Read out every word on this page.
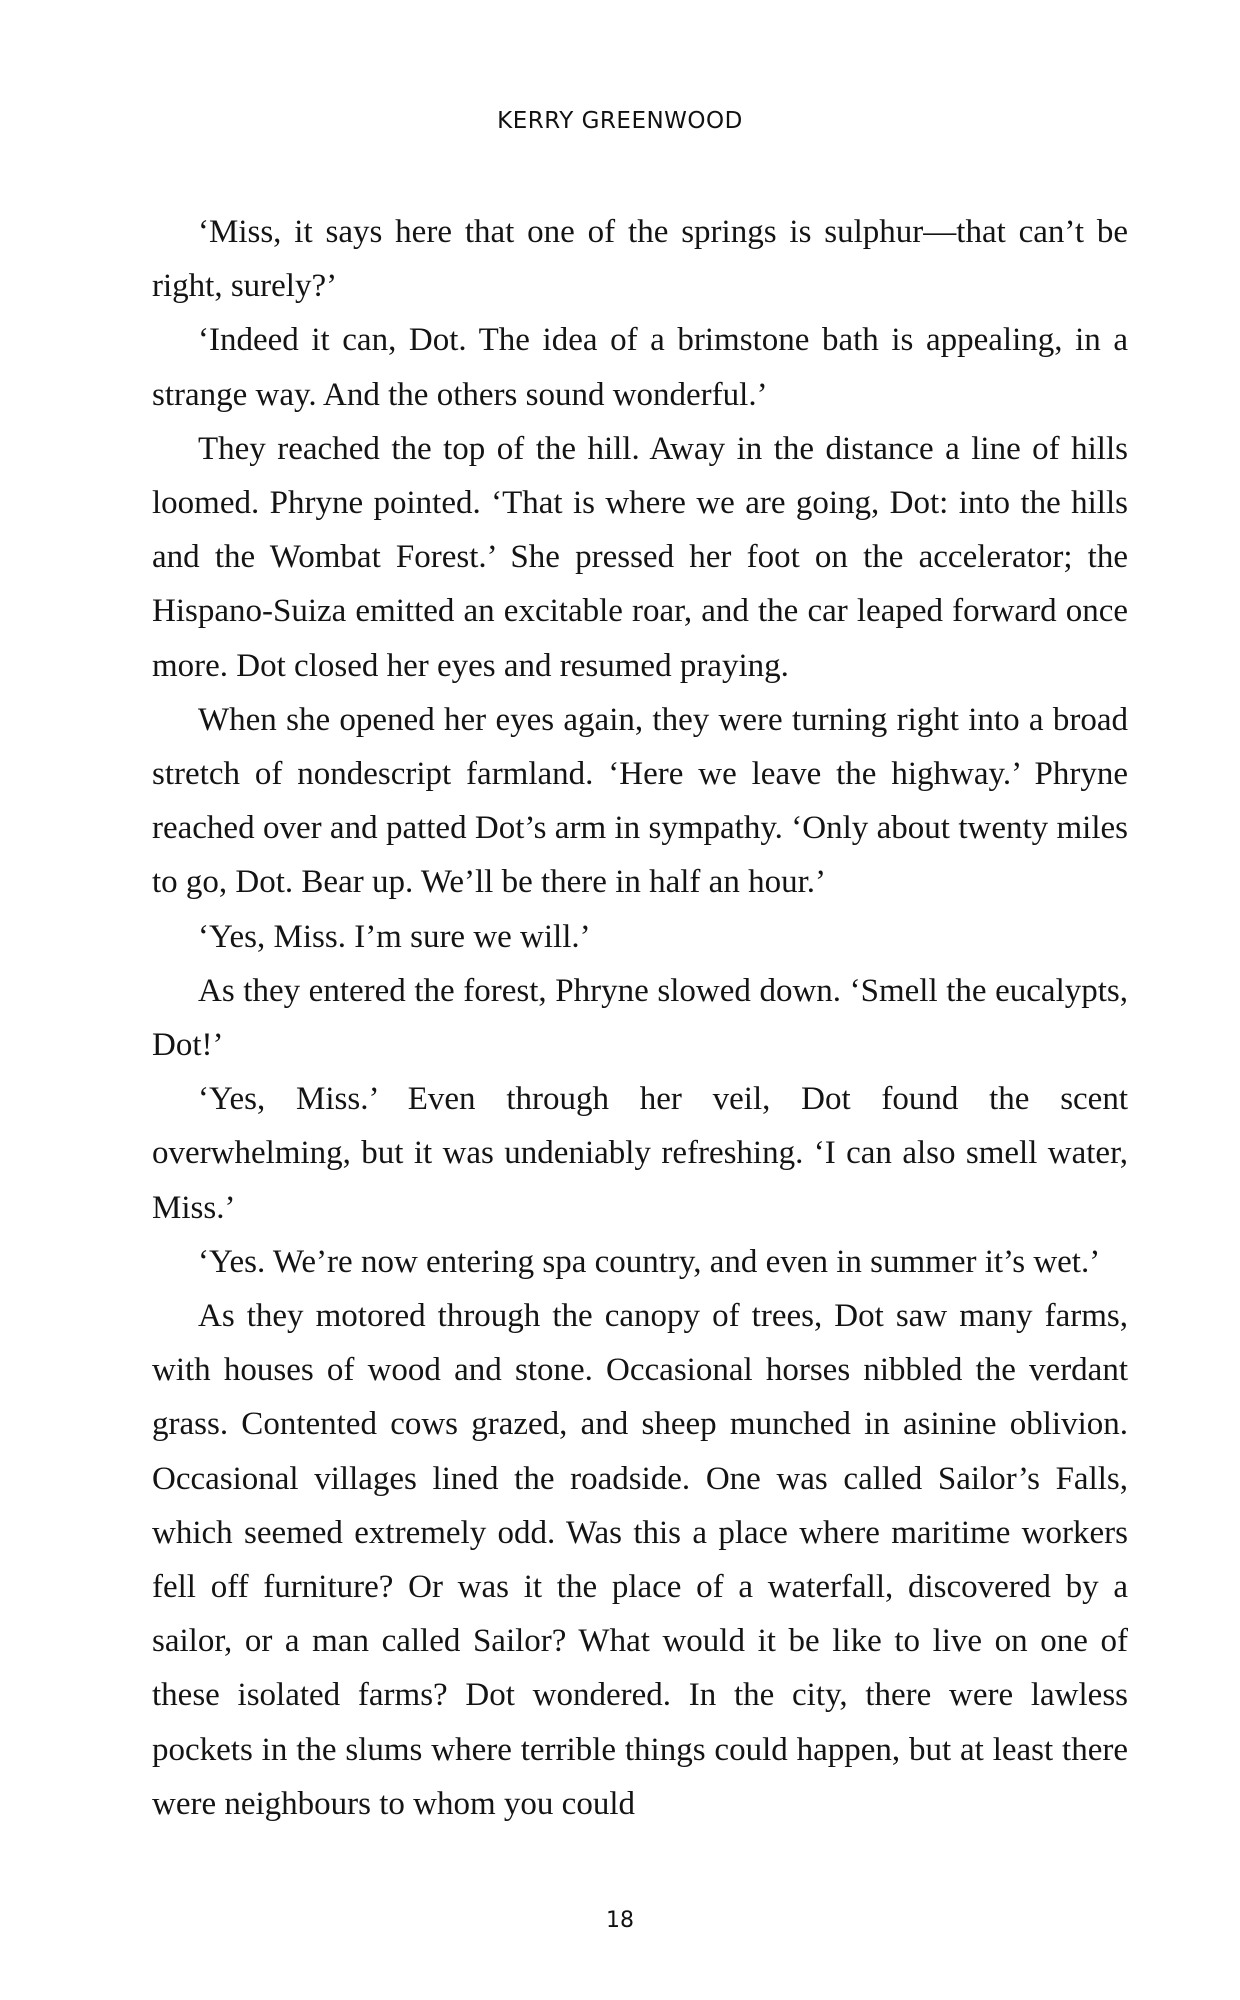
KERRY GREENWOOD

‘Miss, it says here that one of the springs is sulphur—that can’t be right, surely?’

‘Indeed it can, Dot. The idea of a brimstone bath is appealing, in a strange way. And the others sound wonderful.’

They reached the top of the hill. Away in the distance a line of hills loomed. Phryne pointed. ‘That is where we are going, Dot: into the hills and the Wombat Forest.’ She pressed her foot on the accelerator; the Hispano-Suiza emitted an excitable roar, and the car leaped forward once more. Dot closed her eyes and resumed praying.

When she opened her eyes again, they were turning right into a broad stretch of nondescript farmland. ‘Here we leave the highway.’ Phryne reached over and patted Dot’s arm in sympathy. ‘Only about twenty miles to go, Dot. Bear up. We’ll be there in half an hour.’

‘Yes, Miss. I’m sure we will.’

As they entered the forest, Phryne slowed down. ‘Smell the eucalypts, Dot!’

‘Yes, Miss.’ Even through her veil, Dot found the scent overwhelming, but it was undeniably refreshing. ‘I can also smell water, Miss.’

‘Yes. We’re now entering spa country, and even in summer it’s wet.’

As they motored through the canopy of trees, Dot saw many farms, with houses of wood and stone. Occasional horses nibbled the verdant grass. Contented cows grazed, and sheep munched in asinine oblivion. Occasional villages lined the roadside. One was called Sailor’s Falls, which seemed extremely odd. Was this a place where maritime workers fell off furniture? Or was it the place of a waterfall, discovered by a sailor, or a man called Sailor? What would it be like to live on one of these isolated farms? Dot wondered. In the city, there were lawless pockets in the slums where terrible things could happen, but at least there were neighbours to whom you could

18
